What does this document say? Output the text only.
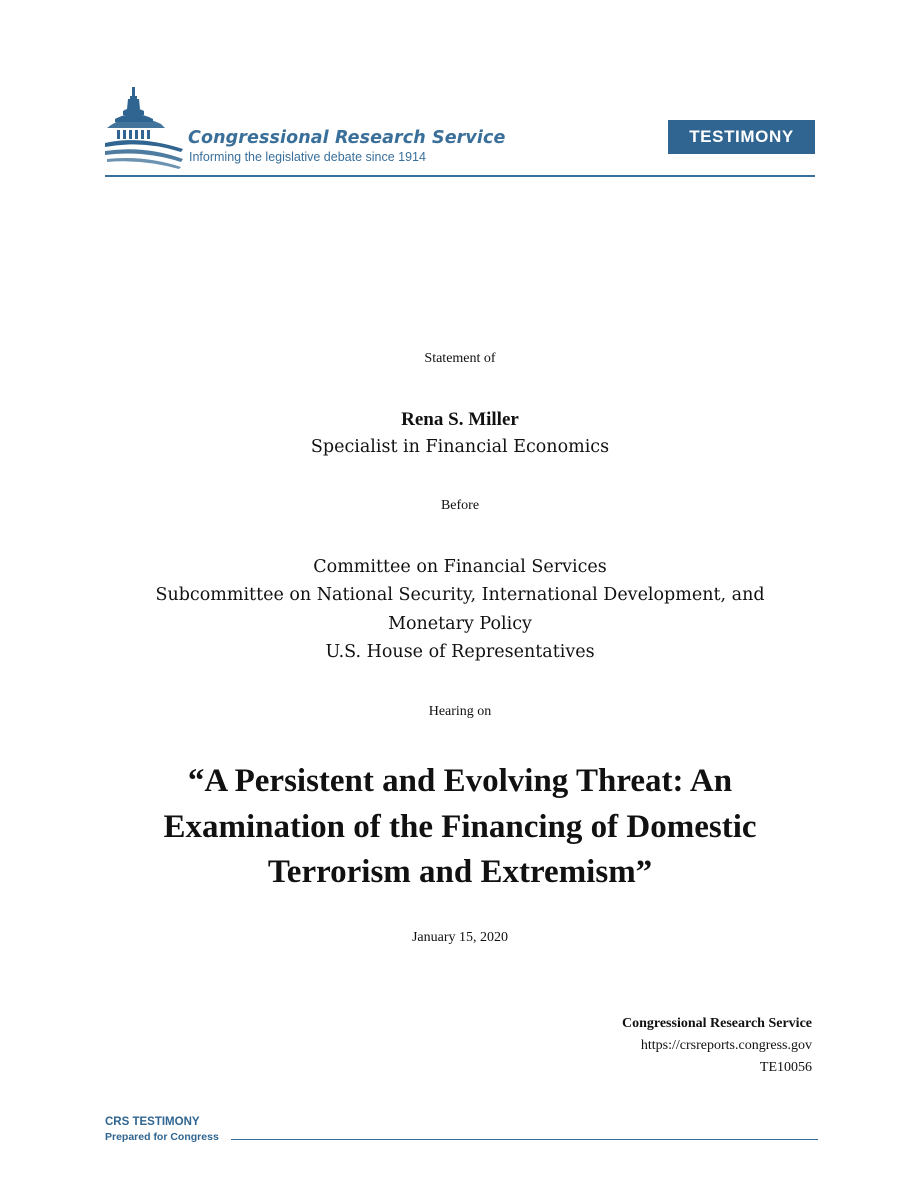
Congressional Research Service
Informing the legislative debate since 1914
TESTIMONY
Statement of
Rena S. Miller
Specialist in Financial Economics
Before
Committee on Financial Services
Subcommittee on National Security, International Development, and
Monetary Policy
U.S. House of Representatives
Hearing on
“A Persistent and Evolving Threat: An
Examination of the Financing of Domestic
Terrorism and Extremism”
January 15, 2020
Congressional Research Service
https://crsreports.congress.gov
TE10056
CRS TESTIMONY
Prepared for Congress
